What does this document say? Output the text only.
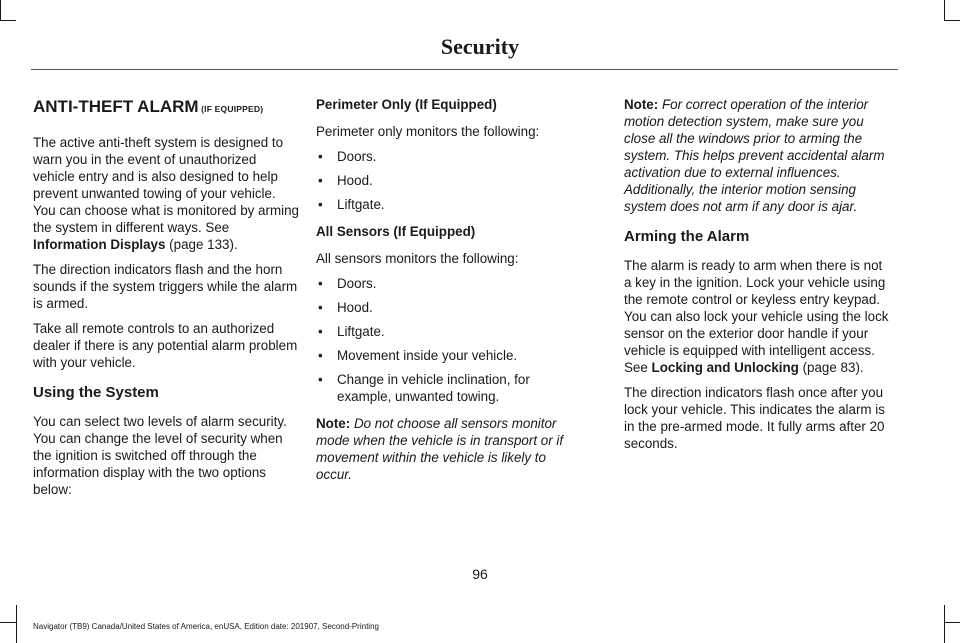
Security
ANTI-THEFT ALARM (IF EQUIPPED)

The active anti-theft system is designed to warn you in the event of unauthorized vehicle entry and is also designed to help prevent unwanted towing of your vehicle. You can choose what is monitored by arming the system in different ways. See Information Displays (page 133).

The direction indicators flash and the horn sounds if the system triggers while the alarm is armed.

Take all remote controls to an authorized dealer if there is any potential alarm problem with your vehicle.

Using the System

You can select two levels of alarm security. You can change the level of security when the ignition is switched off through the information display with the two options below:

Perimeter Only (If Equipped)

Perimeter only monitors the following:

• Doors.
• Hood.
• Liftgate.

All Sensors (If Equipped)

All sensors monitors the following:

• Doors.
• Hood.
• Liftgate.
• Movement inside your vehicle.
• Change in vehicle inclination, for example, unwanted towing.

Note: Do not choose all sensors monitor mode when the vehicle is in transport or if movement within the vehicle is likely to occur.

Note: For correct operation of the interior motion detection system, make sure you close all the windows prior to arming the system. This helps prevent accidental alarm activation due to external influences. Additionally, the interior motion sensing system does not arm if any door is ajar.

Arming the Alarm

The alarm is ready to arm when there is not a key in the ignition. Lock your vehicle using the remote control or keyless entry keypad. You can also lock your vehicle using the lock sensor on the exterior door handle if your vehicle is equipped with intelligent access. See Locking and Unlocking (page 83).

The direction indicators flash once after you lock your vehicle. This indicates the alarm is in the pre-armed mode. It fully arms after 20 seconds.

96
Navigator (TB9) Canada/United States of America, enUSA, Edition date: 201907, Second-Printing
